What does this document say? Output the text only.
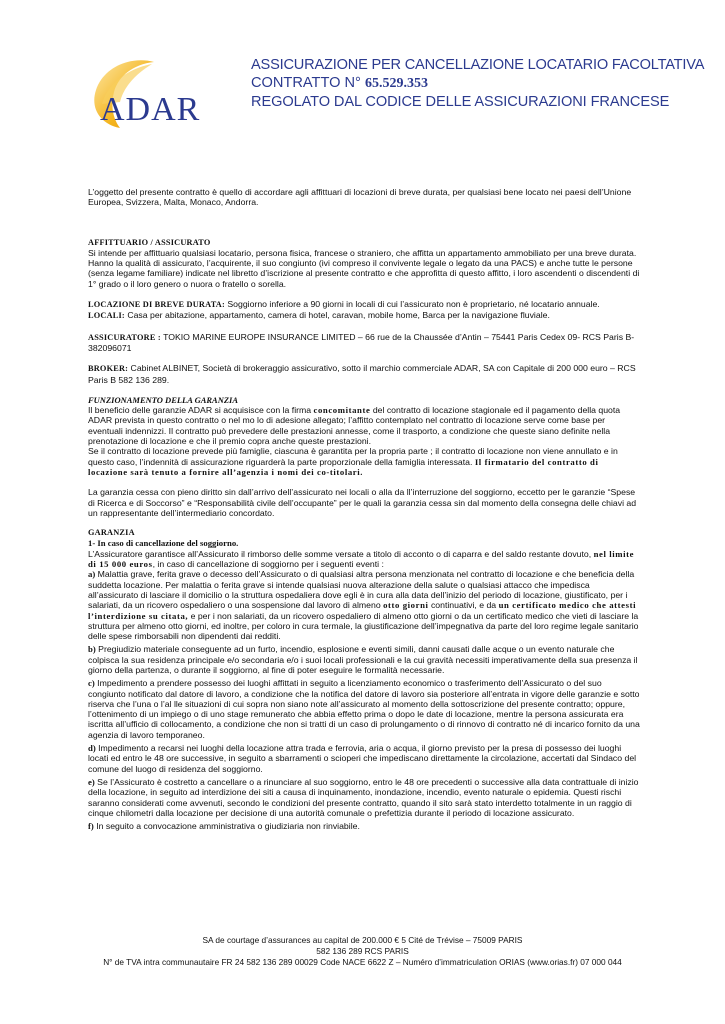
ADAR
ASSICURAZIONE PER CANCELLAZIONE LOCATARIO FACOLTATIVA
CONTRATTO N° 65.529.353
REGOLATO DAL CODICE DELLE ASSICURAZIONI FRANCESE

L’oggetto del presente contratto è quello di accordare agli affittuari di locazioni di breve durata, per qualsiasi bene locato nei paesi dell’Unione Europea, Svizzera, Malta, Monaco, Andorra.

AFFITTUARIO / ASSICURATO

Si intende per affittuario qualsiasi locatario, persona fisica, francese o straniero, che affitta un appartamento ammobiliato per una breve durata.

Hanno la qualità di assicurato, l’acquirente, il suo congiunto (ivi compreso il convivente legale o legato da una PACS) e anche tutte le persone (senza legame familiare) indicate nel libretto d’iscrizione al presente contratto e che approfitta di questo affitto, i loro ascendenti o discendenti di 1° grado o il loro genero o nuora o fratello o sorella.

LOCAZIONE DI BREVE DURATA: Soggiorno inferiore a 90 giorni in locali di cui l’assicurato non è proprietario, né locatario annuale.

LOCALI: Casa per abitazione, appartamento, camera di hotel, caravan, mobile home, Barca per la navigazione fluviale.

ASSICURATORE : TOKIO MARINE EUROPE INSURANCE LIMITED – 66 rue de la Chaussée d’Antin – 75441 Paris Cedex 09- RCS Paris B-382096071

BROKER: Cabinet ALBINET, Società di brokeraggio assicurativo, sotto il marchio commerciale ADAR, SA con Capitale di 200 000 euro – RCS Paris B 582 136 289.

FUNZIONAMENTO DELLA GARANZIA

Il beneficio delle garanzie ADAR si acquisisce con la firma concomitante del contratto di locazione stagionale ed il pagamento della quota ADAR prevista in questo contratto o nel mo lo di adesione allegato; l’affitto contemplato nel contratto di locazione serve come base per eventuali indennizzi. Il contratto può prevedere delle prestazioni annesse, come il trasporto, a condizione che queste siano definite nella prenotazione di locazione e che il premio copra anche queste prestazioni.

Se il contratto di locazione prevede più famiglie, ciascuna è garantita per la propria parte ; il contratto di locazione non viene annullato e in questo caso, l’indennità di assicurazione riguarderà la parte proporzionale della famiglia interessata. Il firmatario del contratto di locazione sarà tenuto a fornire all’agenzia i nomi dei co-titolari.

La garanzia cessa con pieno diritto sin dall’arrivo dell’assicurato nei locali o alla da ll’interruzione del soggiorno, eccetto per le garanzie “Spese di Ricerca e di Soccorso” e “Responsabilità civile dell’occupante” per le quali la garanzia cessa sin dal momento della consegna delle chiavi ad un rappresentante dell’intermediario concordato.

GARANZIA

1- In caso di cancellazione del soggiorno.

L’Assicuratore garantisce all’Assicurato il rimborso delle somme versate a titolo di acconto o di caparra e del saldo restante dovuto, nel limite di 15 000 euros, in caso di cancellazione di soggiorno per i seguenti eventi :

a) Malattia grave, ferita grave o decesso dell’Assicurato o di qualsiasi altra persona menzionata nel contratto di locazione e che beneficia della suddetta locazione. Per malattia o ferita grave si intende qualsiasi nuova alterazione della salute o qualsiasi attacco che impedisca all’assicurato di lasciare il domicilio o la struttura ospedaliera dove egli è in cura alla data dell’inizio del periodo di locazione, giustificato, per i salariati, da un ricovero ospedaliero o una sospensione dal lavoro di almeno otto giorni continuativi, e da un certificato medico che attesti l’interdizione su citata, e per i non salariati, da un ricovero ospedaliero di almeno otto giorni o da un certificato medico che vieti di lasciare la struttura per almeno otto giorni, ed inoltre, per coloro in cura termale, la giustificazione dell’impegnativa da parte del loro regime legale sanitario delle spese rimborsabili non dipendenti dai redditi.

b) Pregiudizio materiale conseguente ad un furto, incendio, esplosione e eventi simili, danni causati dalle acque o un evento naturale che colpisca la sua residenza principale e/o secondaria e/o i suoi locali professionali e la cui gravità necessiti imperativamente della sua presenza il giorno della partenza, o durante il soggiorno, al fine di poter eseguire le formalità necessarie.

c) Impedimento a prendere possesso dei luoghi affittati in seguito a licenziamento economico o trasferimento dell’Assicurato o del suo congiunto notificato dal datore di lavoro, a condizione che la notifica del datore di lavoro sia posteriore all’entrata in vigore delle garanzie e sotto riserva che l’una o l’al lle situazioni di cui sopra non siano note all’assicurato al momento della sottoscrizione del presente contratto; oppure, l’ottenimento di un impiego o di uno stage remunerato che abbia effetto prima o dopo le date di locazione, mentre la persona assicurata era iscritta all’ufficio di collocamento, a condizione che non si tratti di un caso di prolungamento o di rinnovo di contratto né di incarico fornito da una agenzia di lavoro temporaneo.

d) Impedimento a recarsi nei luoghi della locazione attra trada e ferrovia, aria o acqua, il giorno previsto per la presa di possesso dei luoghi locati ed entro le 48 ore successive, in seguito a sbarramenti o scioperi che impediscano direttamente la circolazione, accertati dal Sindaco del comune del luogo di residenza del soggiorno.

e) Se l’Assicurato è costretto a cancellare o a rinunciare al suo soggiorno, entro le 48 ore precedenti o successive alla data contrattuale di inizio della locazione, in seguito ad interdizione dei siti a causa di inquinamento, inondazione, incendio, evento naturale o epidemia. Questi rischi saranno considerati come avvenuti, secondo le condizioni del presente contratto, quando il sito sarà stato interdetto totalmente in un raggio di cinque chilometri dalla locazione per decisione di una autorità comunale o prefettizia durante il periodo di locazione assicurato.

f) In seguito a convocazione amministrativa o giudiziaria non rinviabile.

SA de courtage d’assurances au capital de 200.000 € 5 Cité de Trévise – 75009 PARIS
582 136 289 RCS PARIS
N° de TVA intra communautaire FR 24 582 136 289 00029 Code NACE 6622 Z – Numéro d’immatriculation ORIAS (www.orias.fr) 07 000 044
